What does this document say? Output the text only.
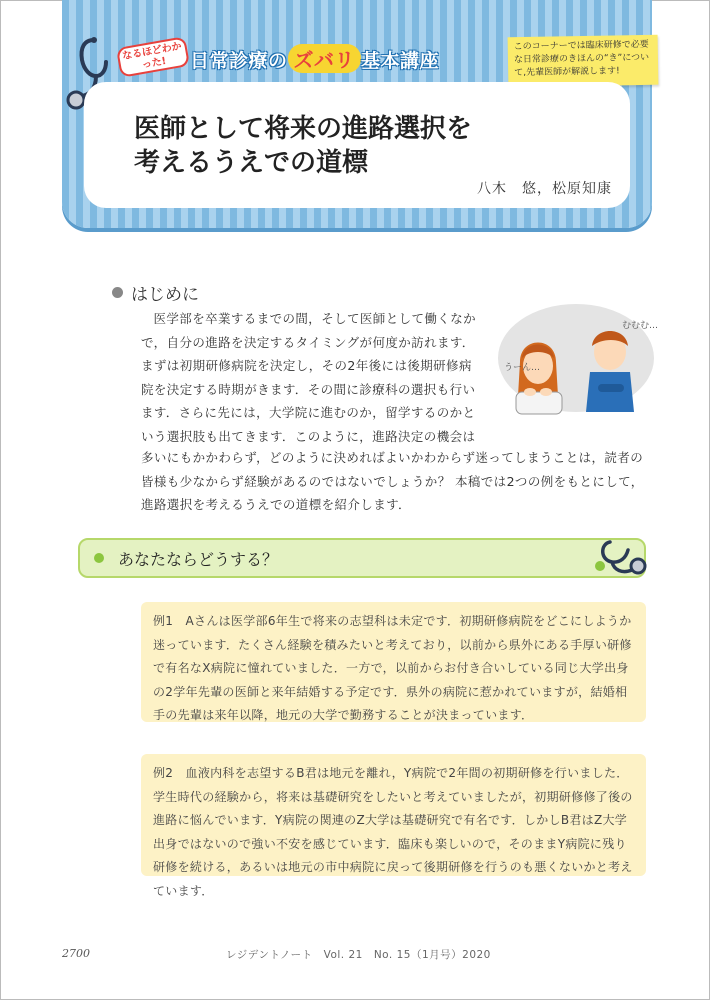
なるほどわかった!	日常診療の ズバリ 基本講座
このコーナーでは臨床研修で必要な日常診療のきほんの“き”について,先輩医師が解説します!
医師として将来の進路選択を
考えるうえでの道標
八木　悠，松原知康
はじめに
医学部を卒業するまでの間，そして医師として働くなかで，自分の進路を決定するタイミングが何度か訪れます．まずは初期研修病院を決定し，その2年後には後期研修病院を決定する時期がきます．その間に診療科の選択も行います．さらに先には，大学院に進むのか，留学するのかという選択肢も出てきます．このように，進路決定の機会は
多いにもかかわらず，どのように決めればよいかわからず迷ってしまうことは，読者の皆様も少なからず経験があるのではないでしょうか？ 本稿では2つの例をもとにして，進路選択を考えるうえでの道標を紹介します．
うーん…
むむむ…
あなたならどうする？
例1　Aさんは医学部6年生で将来の志望科は未定です．初期研修病院をどこにしようか迷っています．たくさん経験を積みたいと考えており，以前から県外にある手厚い研修で有名なX病院に憧れていました．一方で，以前からお付き合いしている同じ大学出身の2学年先輩の医師と来年結婚する予定です．県外の病院に惹かれていますが，結婚相手の先輩は来年以降，地元の大学で勤務することが決まっています．
例2　血液内科を志望するB君は地元を離れ，Y病院で2年間の初期研修を行いました．学生時代の経験から，将来は基礎研究をしたいと考えていましたが，初期研修修了後の進路に悩んでいます．Y病院の関連のZ大学は基礎研究で有名です．しかしB君はZ大学出身ではないので強い不安を感じています．臨床も楽しいので，そのままY病院に残り研修を続ける，あるいは地元の市中病院に戻って後期研修を行うのも悪くないかと考えています．
2700	レジデントノート　Vol. 21　No. 15（1月号）2020
